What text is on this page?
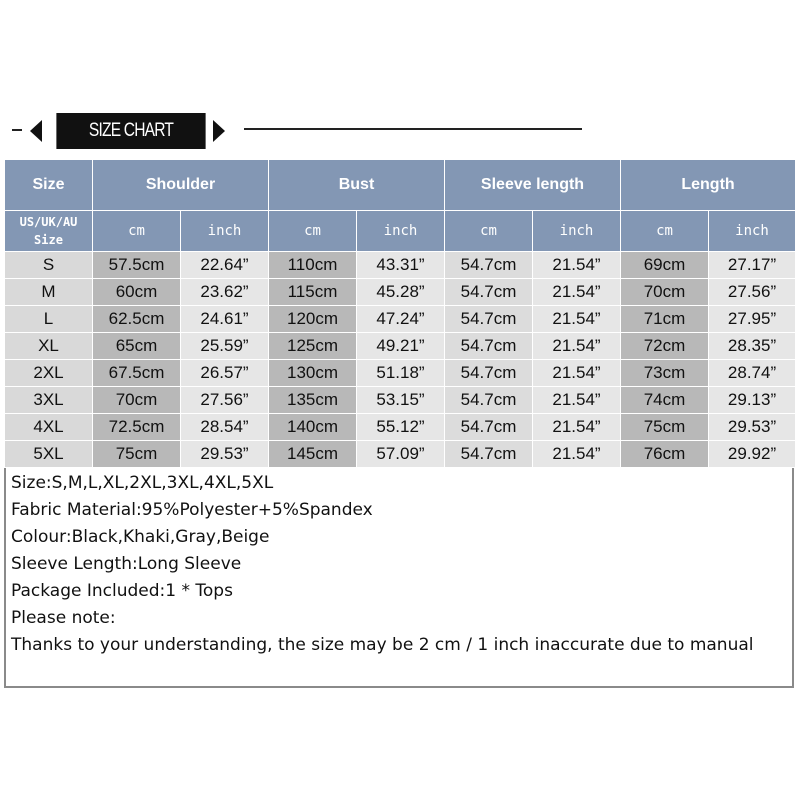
SIZE CHART
Size	Shoulder		Bust		Sleeve length		Length	

US/UK/AU
Size	cm	inch	cm	inch	cm	inch	cm	inch
S	57.5cm	22.64”	110cm	43.31”	54.7cm	21.54”	69cm	27.17”
M	60cm	23.62”	115cm	45.28”	54.7cm	21.54”	70cm	27.56”
L	62.5cm	24.61”	120cm	47.24”	54.7cm	21.54”	71cm	27.95”
XL	65cm	25.59”	125cm	49.21”	54.7cm	21.54”	72cm	28.35”
2XL	67.5cm	26.57”	130cm	51.18”	54.7cm	21.54”	73cm	28.74”
3XL	70cm	27.56”	135cm	53.15”	54.7cm	21.54”	74cm	29.13”
4XL	72.5cm	28.54”	140cm	55.12”	54.7cm	21.54”	75cm	29.53”
5XL	75cm	29.53”	145cm	57.09”	54.7cm	21.54”	76cm	29.92”
Size:S,M,L,XL,2XL,3XL,4XL,5XL
Fabric Material:95%Polyester+5%Spandex
Colour:Black,Khaki,Gray,Beige
Sleeve Length:Long Sleeve
Package Included:1 * Tops
Please note:
Thanks to your understanding, the size may be 2 cm / 1 inch inaccurate due to manual
